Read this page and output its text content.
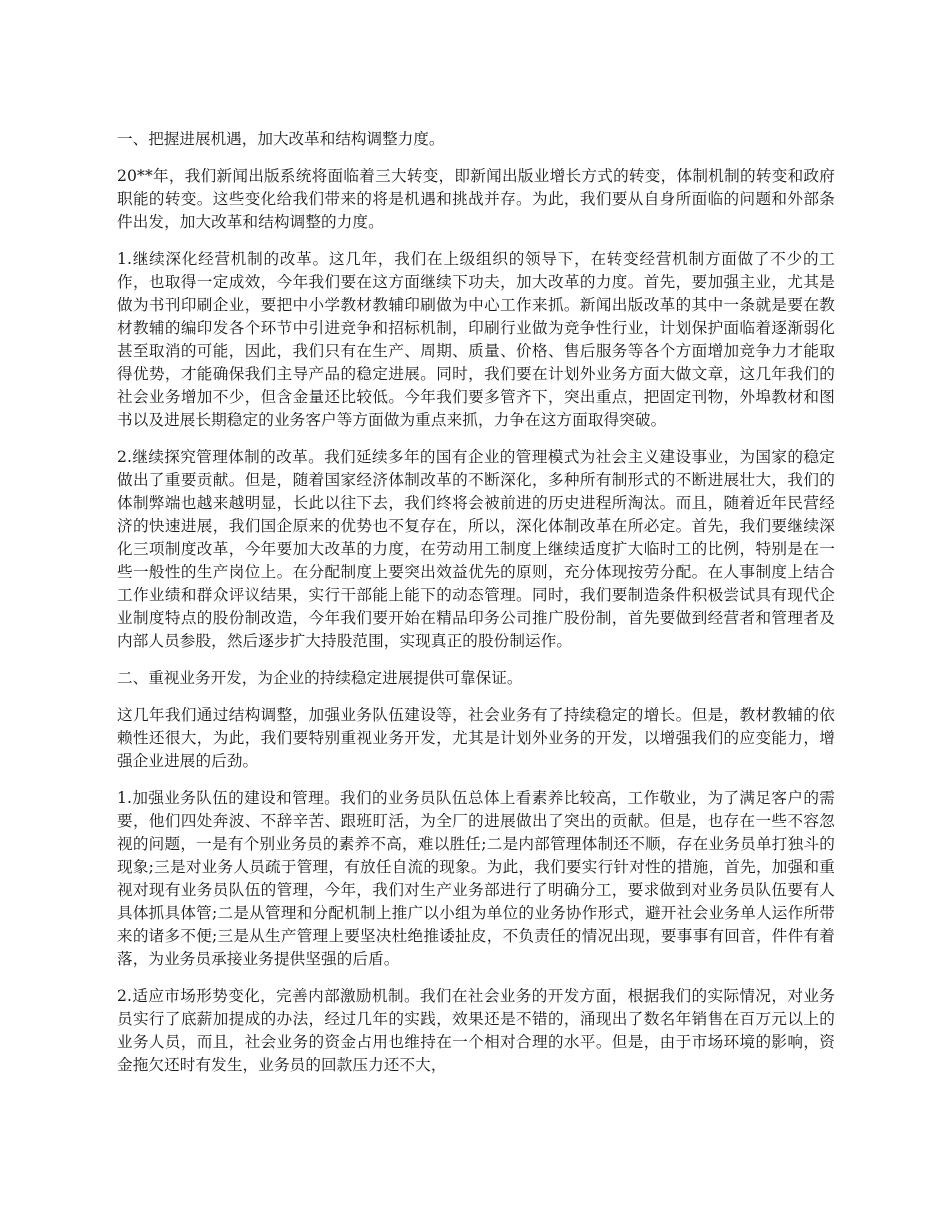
一、把握进展机遇，加大改革和结构调整力度。

20**年，我们新闻出版系统将面临着三大转变，即新闻出版业增长方式的转变，体制机制的转变和政府职能的转变。这些变化给我们带来的将是机遇和挑战并存。为此，我们要从自身所面临的问题和外部条件出发，加大改革和结构调整的力度。

1.继续深化经营机制的改革。这几年，我们在上级组织的领导下，在转变经营机制方面做了不少的工作，也取得一定成效，今年我们要在这方面继续下功夫，加大改革的力度。首先，要加强主业，尤其是做为书刊印刷企业，要把中小学教材教辅印刷做为中心工作来抓。新闻出版改革的其中一条就是要在教材教辅的编印发各个环节中引进竞争和招标机制，印刷行业做为竞争性行业，计划保护面临着逐渐弱化甚至取消的可能，因此，我们只有在生产、周期、质量、价格、售后服务等各个方面增加竞争力才能取得优势，才能确保我们主导产品的稳定进展。同时，我们要在计划外业务方面大做文章，这几年我们的社会业务增加不少，但含金量还比较低。今年我们要多管齐下，突出重点，把固定刊物，外埠教材和图书以及进展长期稳定的业务客户等方面做为重点来抓，力争在这方面取得突破。

2.继续探究管理体制的改革。我们延续多年的国有企业的管理模式为社会主义建设事业，为国家的稳定做出了重要贡献。但是，随着国家经济体制改革的不断深化，多种所有制形式的不断进展壮大，我们的体制弊端也越来越明显，长此以往下去，我们终将会被前进的历史进程所淘汰。而且，随着近年民营经济的快速进展，我们国企原来的优势也不复存在，所以，深化体制改革在所必定。首先，我们要继续深化三项制度改革，今年要加大改革的力度，在劳动用工制度上继续适度扩大临时工的比例，特别是在一些一般性的生产岗位上。在分配制度上要突出效益优先的原则，充分体现按劳分配。在人事制度上结合工作业绩和群众评议结果，实行干部能上能下的动态管理。同时，我们要制造条件积极尝试具有现代企业制度特点的股份制改造，今年我们要开始在精品印务公司推广股份制，首先要做到经营者和管理者及内部人员参股，然后逐步扩大持股范围，实现真正的股份制运作。

二、重视业务开发，为企业的持续稳定进展提供可靠保证。

这几年我们通过结构调整，加强业务队伍建设等，社会业务有了持续稳定的增长。但是，教材教辅的依赖性还很大，为此，我们要特别重视业务开发，尤其是计划外业务的开发，以增强我们的应变能力，增强企业进展的后劲。

1.加强业务队伍的建设和管理。我们的业务员队伍总体上看素养比较高，工作敬业，为了满足客户的需要，他们四处奔波、不辞辛苦、跟班盯活，为全厂的进展做出了突出的贡献。但是，也存在一些不容忽视的问题，一是有个别业务员的素养不高，难以胜任;二是内部管理体制还不顺，存在业务员单打独斗的现象;三是对业务人员疏于管理，有放任自流的现象。为此，我们要实行针对性的措施，首先，加强和重视对现有业务员队伍的管理，今年，我们对生产业务部进行了明确分工，要求做到对业务员队伍要有人具体抓具体管;二是从管理和分配机制上推广以小组为单位的业务协作形式，避开社会业务单人运作所带来的诸多不便;三是从生产管理上要坚决杜绝推诿扯皮，不负责任的情况出现，要事事有回音，件件有着落，为业务员承接业务提供坚强的后盾。

2.适应市场形势变化，完善内部激励机制。我们在社会业务的开发方面，根据我们的实际情况，对业务员实行了底薪加提成的办法，经过几年的实践，效果还是不错的，涌现出了数名年销售在百万元以上的业务人员，而且，社会业务的资金占用也维持在一个相对合理的水平。但是，由于市场环境的影响，资金拖欠还时有发生，业务员的回款压力还不大，
